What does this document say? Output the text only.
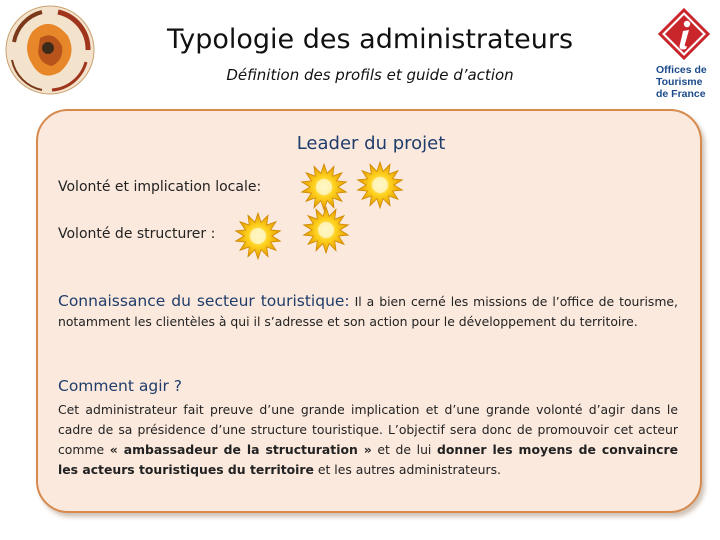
Typologie des administrateurs
Définition des profils et guide d’action	Offices de
Tourisme
de France
Leader du projet
Volonté et implication locale:
Volonté de structurer :
Connaissance du secteur touristique: Il a bien cerné les missions de l’office de tourisme, notamment les clientèles à qui il s’adresse et son action pour le développement du territoire.
Comment agir ?
Cet administrateur fait preuve d’une grande implication et d’une grande volonté d’agir dans le cadre de sa présidence d’une structure touristique. L’objectif sera donc de promouvoir cet acteur comme « ambassadeur de la structuration » et de lui donner les moyens de convaincre les acteurs touristiques du territoire et les autres administrateurs.
